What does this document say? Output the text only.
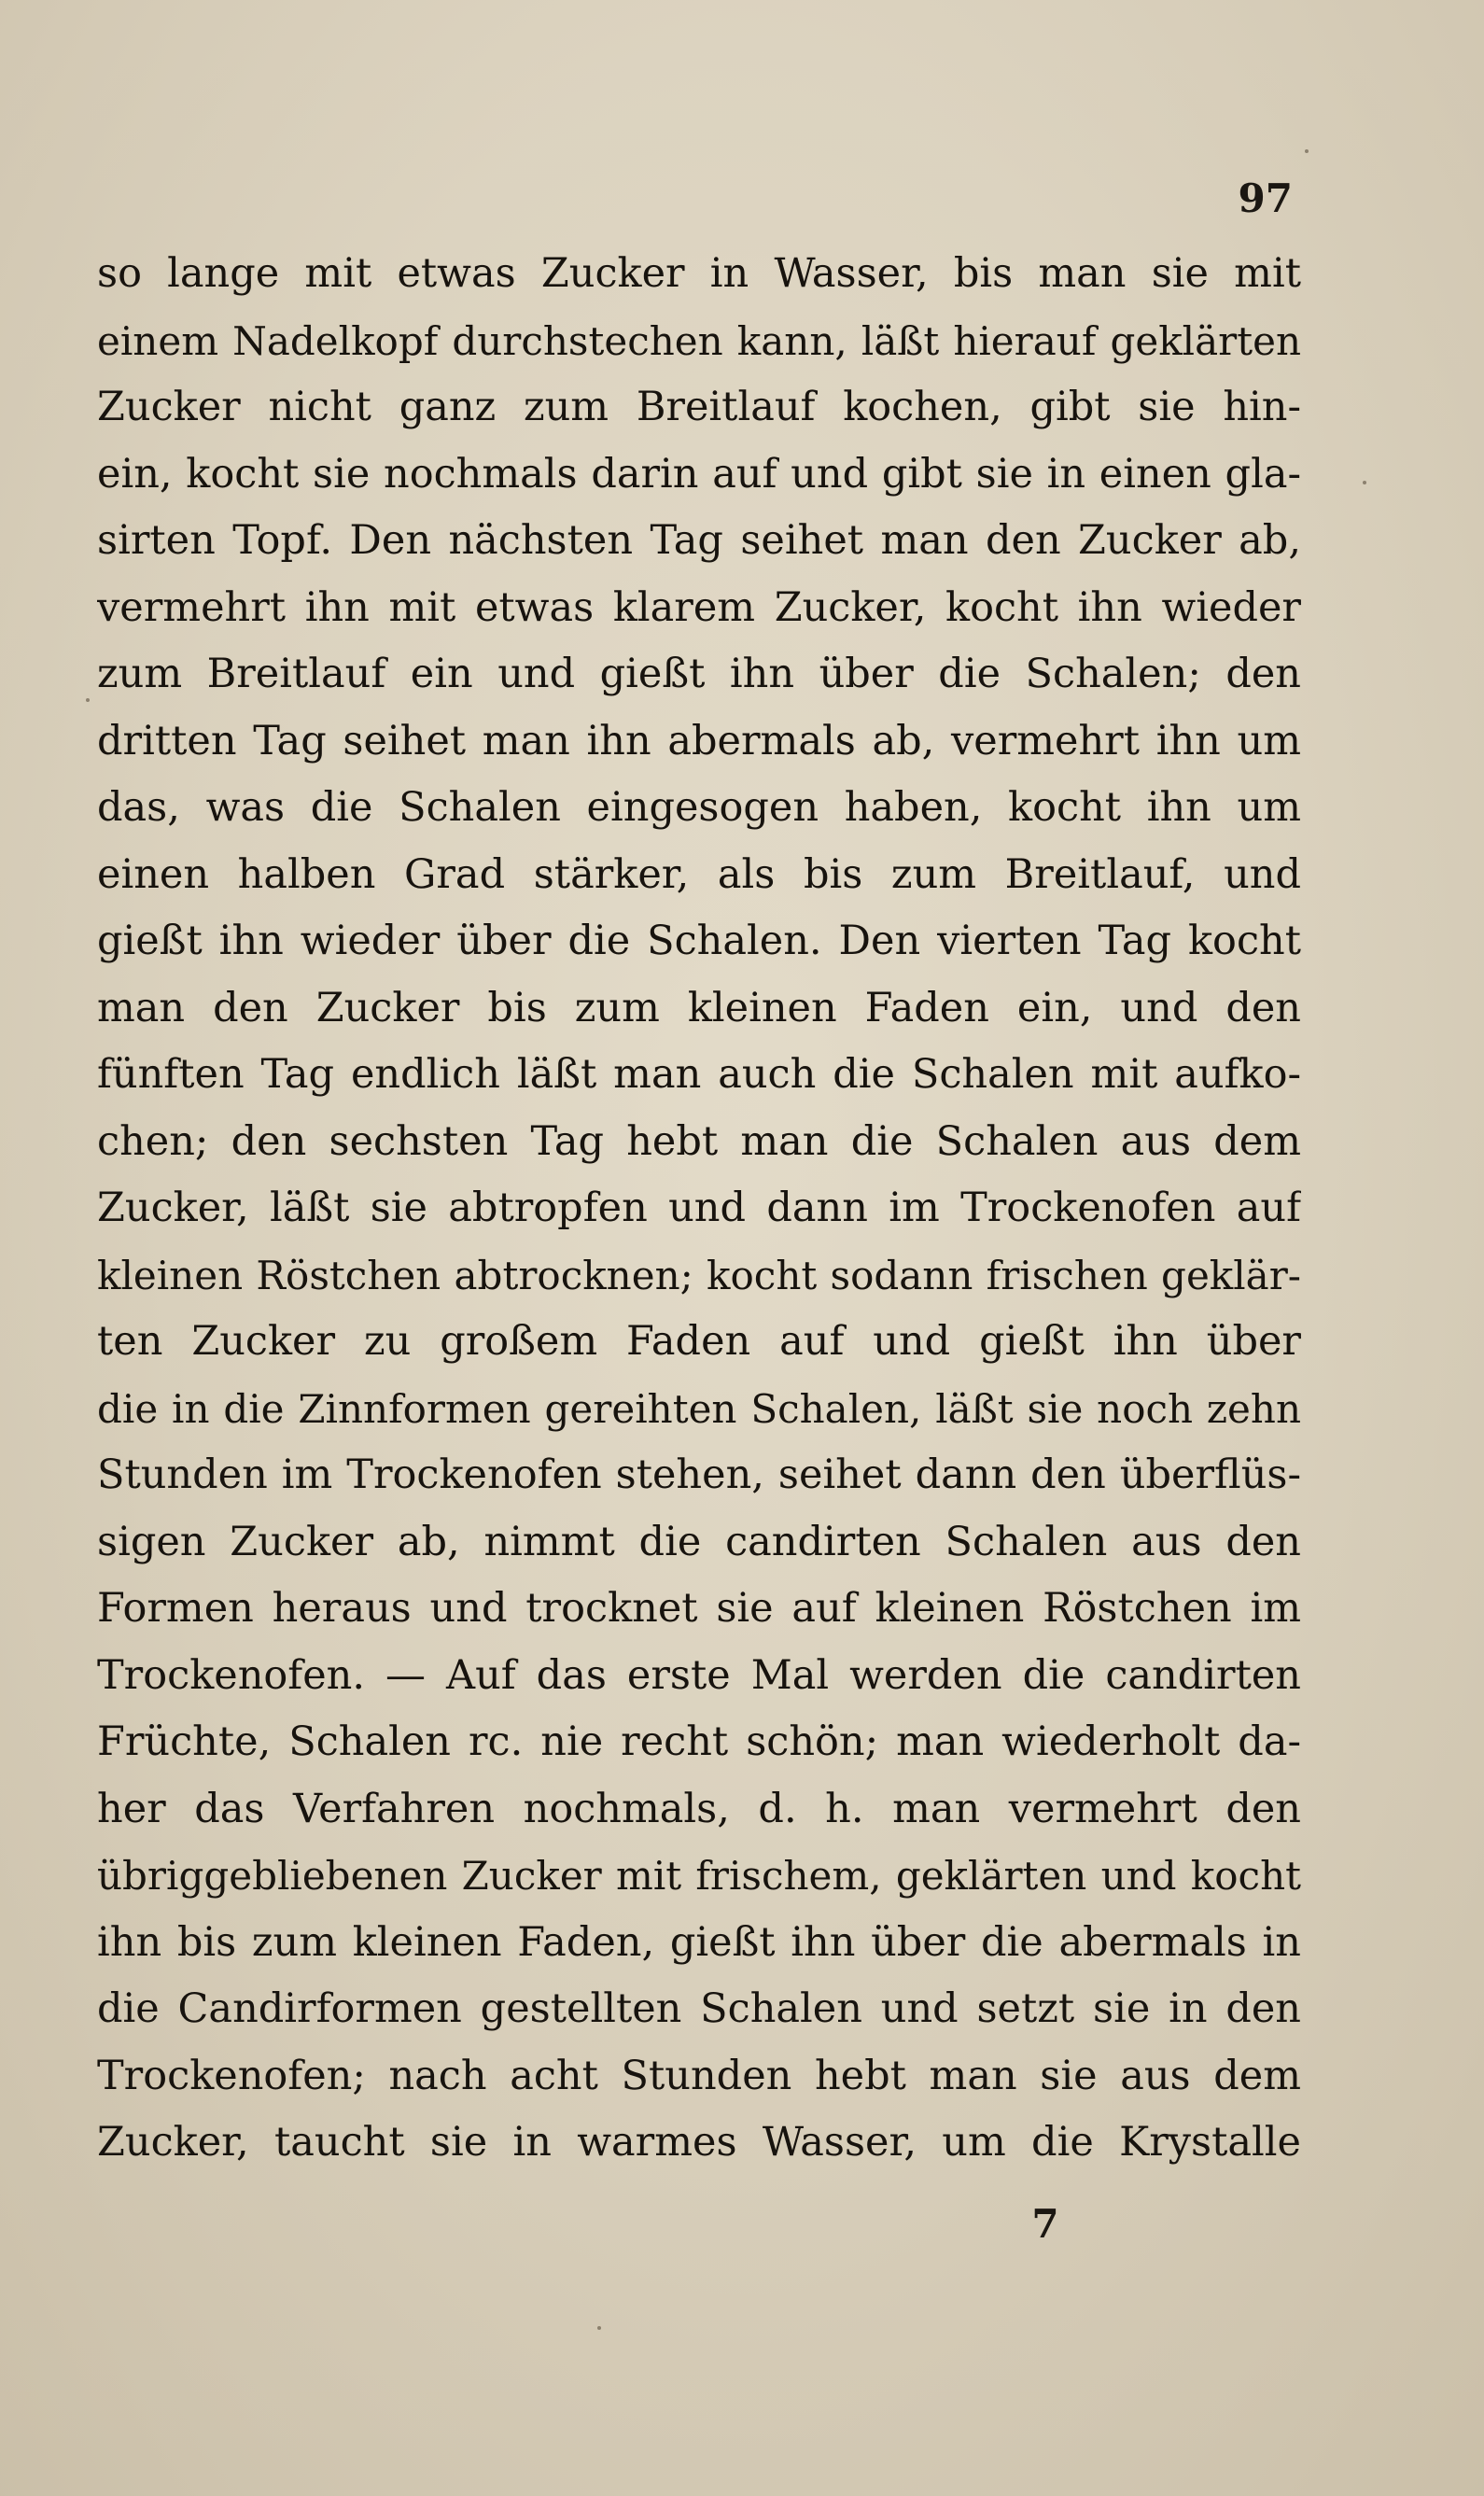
97
so lange mit etwas Zucker in Wasser, bis man sie mit
einem Nadelkopf durchstechen kann, läßt hierauf geklärten
Zucker nicht ganz zum Breitlauf kochen, gibt sie hin-
ein, kocht sie nochmals darin auf und gibt sie in einen gla-
sirten Topf. Den nächsten Tag seihet man den Zucker ab,
vermehrt ihn mit etwas klarem Zucker, kocht ihn wieder
zum Breitlauf ein und gießt ihn über die Schalen; den
dritten Tag seihet man ihn abermals ab, vermehrt ihn um
das, was die Schalen eingesogen haben, kocht ihn um
einen halben Grad stärker, als bis zum Breitlauf, und
gießt ihn wieder über die Schalen. Den vierten Tag kocht
man den Zucker bis zum kleinen Faden ein, und den
fünften Tag endlich läßt man auch die Schalen mit aufko-
chen; den sechsten Tag hebt man die Schalen aus dem
Zucker, läßt sie abtropfen und dann im Trockenofen auf
kleinen Röstchen abtrocknen; kocht sodann frischen geklär-
ten Zucker zu großem Faden auf und gießt ihn über
die in die Zinnformen gereihten Schalen, läßt sie noch zehn
Stunden im Trockenofen stehen, seihet dann den überflüs-
sigen Zucker ab, nimmt die candirten Schalen aus den
Formen heraus und trocknet sie auf kleinen Röstchen im
Trockenofen. — Auf das erste Mal werden die candirten
Früchte, Schalen rc. nie recht schön; man wiederholt da-
her das Verfahren nochmals, d. h. man vermehrt den
übriggebliebenen Zucker mit frischem, geklärten und kocht
ihn bis zum kleinen Faden, gießt ihn über die abermals in
die Candirformen gestellten Schalen und setzt sie in den
Trockenofen; nach acht Stunden hebt man sie aus dem
Zucker, taucht sie in warmes Wasser, um die Krystalle
7
